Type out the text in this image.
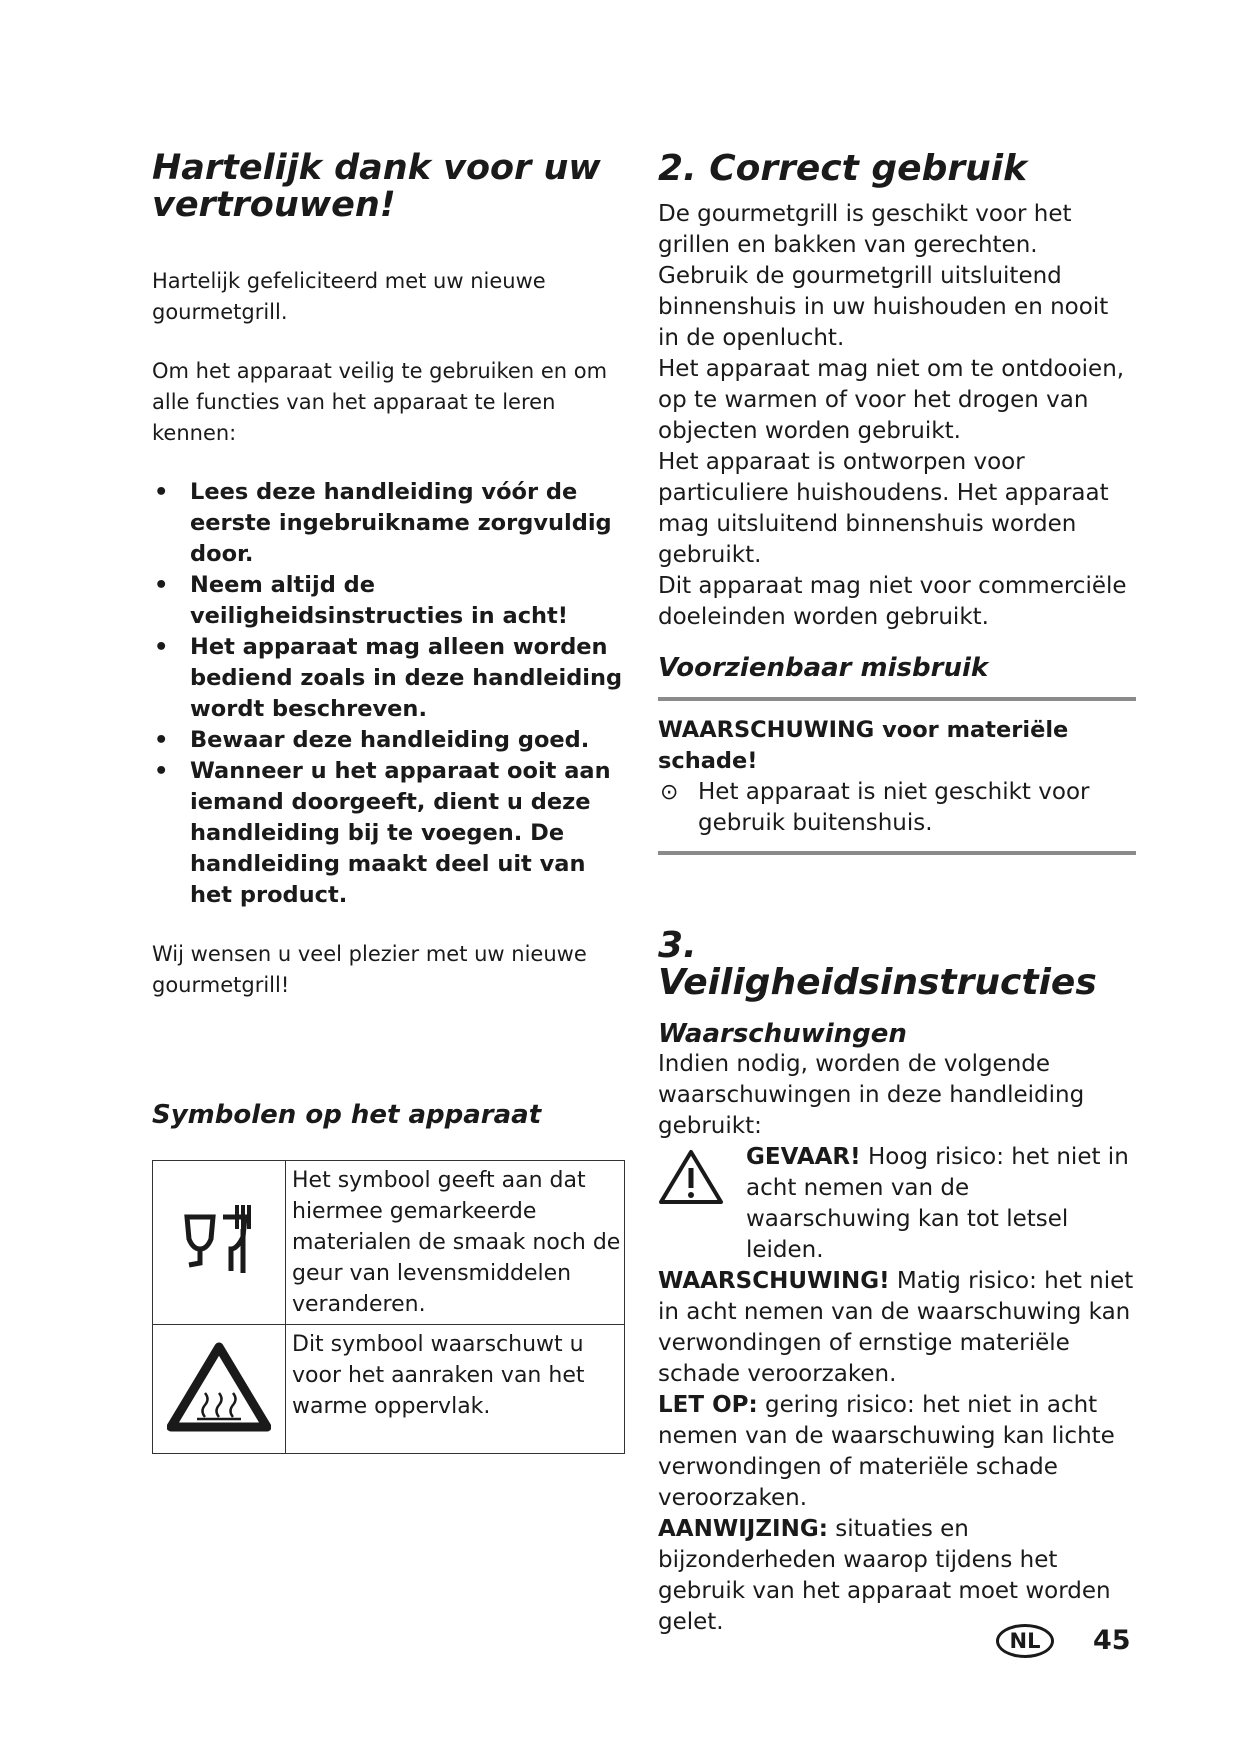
Hartelijk dank voor uw vertrouwen!

Hartelijk gefeliciteerd met uw nieuwe gourmetgrill.

Om het apparaat veilig te gebruiken en om alle functies van het apparaat te leren kennen:

• Lees deze handleiding vóór de eerste ingebruikname zorgvuldig door.
• Neem altijd de veiligheidsinstructies in acht!
• Het apparaat mag alleen worden bediend zoals in deze handleiding wordt beschreven.
• Bewaar deze handleiding goed.
• Wanneer u het apparaat ooit aan iemand doorgeeft, dient u deze handleiding bij te voegen. De handleiding maakt deel uit van het product.

Wij wensen u veel plezier met uw nieuwe gourmetgrill!

Symbolen op het apparaat
	Het symbool geeft aan dat hiermee gemarkeerde materialen de smaak noch de geur van levensmiddelen veranderen.
	Dit symbool waarschuwt u voor het aanraken van het warme oppervlak.
2. Correct gebruik

De gourmetgrill is geschikt voor het grillen en bakken van gerechten.

Gebruik de gourmetgrill uitsluitend binnenshuis in uw huishouden en nooit in de openlucht.

Het apparaat mag niet om te ontdooien, op te warmen of voor het drogen van objecten worden gebruikt.

Het apparaat is ontworpen voor particuliere huishoudens. Het apparaat mag uitsluitend binnenshuis worden gebruikt.

Dit apparaat mag niet voor commerciële doeleinden worden gebruikt.

Voorzienbaar misbruik
WAARSCHUWING voor materiële schade!
⊙ Het apparaat is niet geschikt voor gebruik buitenshuis.

3. Veiligheidsinstructies
Waarschuwingen

Indien nodig, worden de volgende waarschuwingen in deze handleiding gebruikt:

GEVAAR! Hoog risico: het niet in acht nemen van de waarschuwing kan tot letsel leiden.

WAARSCHUWING! Matig risico: het niet in acht nemen van de waarschuwing kan verwondingen of ernstige materiële schade veroorzaken.

LET OP: gering risico: het niet in acht nemen van de waarschuwing kan lichte verwondingen of materiële schade veroorzaken.

AANWIJZING: situaties en bijzonderheden waarop tijdens het gebruik van het apparaat moet worden gelet.

NL	45
